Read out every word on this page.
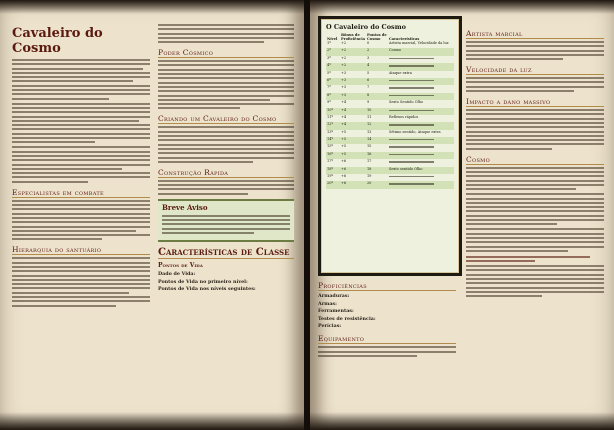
Cavaleiro do Cosmo
Especialistas em combate
Hierarquia do santuário
Poder Cósmico
Criando um Cavaleiro do Cosmo
Construção Rápida
Breve Aviso
Características de Classe
Pontos de Vida
Dado de Vida:
Pontos de Vida no primeiro nível:
Pontos de Vida nos níveis seguintes:
O Cavaleiro do Cosmo
Nível	Bônus de Proficiência	Pontos de Cosmo	Características
1º	+2	0	Artista marcial, Velocidade da luz
2º	+2	2	Cosmo
3º	+2	3	

4º	+2	4	

5º	+3	5	Ataque extra
6º	+3	6	

7º	+3	7	

8º	+3	8	

9º	+4	9	Sexto Sentido Olho
10º	+4	10	

11º	+4	11	Reflexos rápidos
12º	+4	12	

13º	+5	13	Sétimo sentido, Ataque extra
14º	+5	14	

15º	+5	15	

16º	+5	16	

17º	+6	17	

18º	+6	18	Sexto sentido Olho
19º	+6	19	

20º	+6	20	
Proficiências
Armaduras:
Armas:
Ferramentas:
Testes de resistência:
Perícias:
Equipamento
Artista marcial
Velocidade da luz
Impacto a dano massivo
Cosmo
